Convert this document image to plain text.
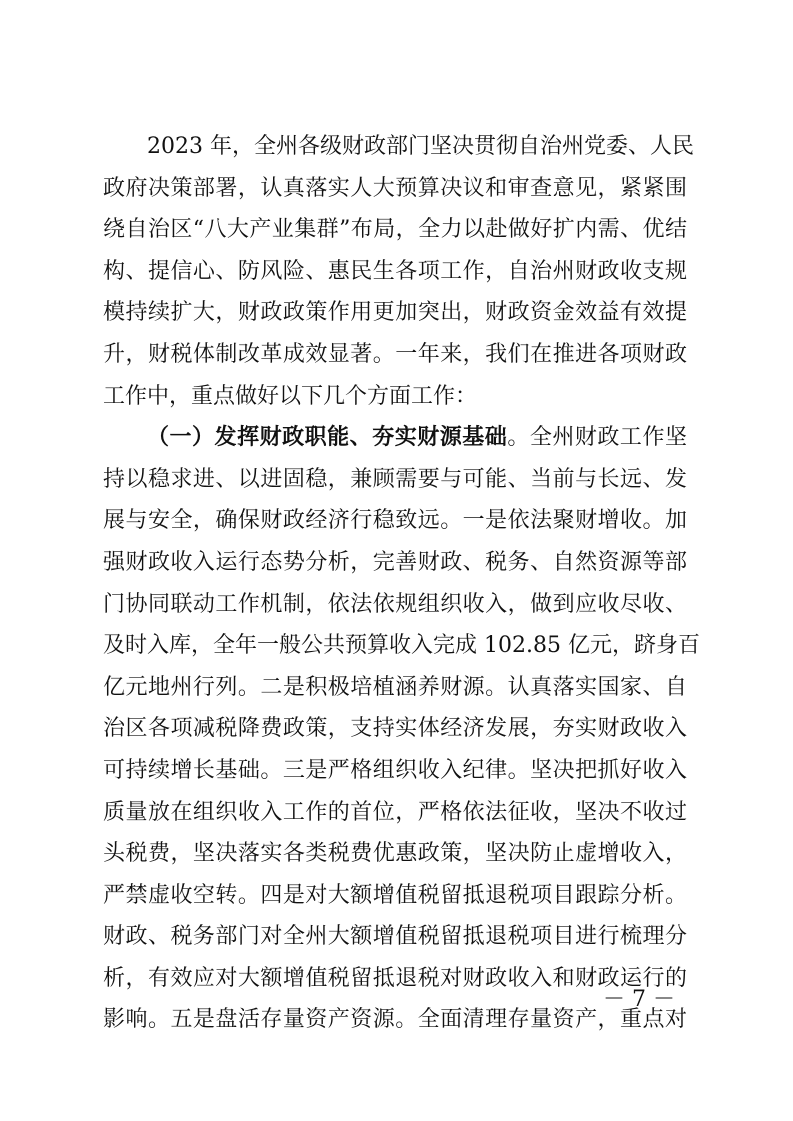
2023 年，全州各级财政部门坚决贯彻自治州党委、人民
政府决策部署，认真落实人大预算决议和审查意见，紧紧围
绕自治区“八大产业集群”布局，全力以赴做好扩内需、优结
构、提信心、防风险、惠民生各项工作，自治州财政收支规
模持续扩大，财政政策作用更加突出，财政资金效益有效提
升，财税体制改革成效显著。一年来，我们在推进各项财政
工作中，重点做好以下几个方面工作：
（一）发挥财政职能、夯实财源基础。全州财政工作坚
持以稳求进、以进固稳，兼顾需要与可能、当前与长远、发
展与安全，确保财政经济行稳致远。一是依法聚财增收。加
强财政收入运行态势分析，完善财政、税务、自然资源等部
门协同联动工作机制，依法依规组织收入，做到应收尽收、
及时入库，全年一般公共预算收入完成 102.85 亿元，跻身百
亿元地州行列。二是积极培植涵养财源。认真落实国家、自
治区各项减税降费政策，支持实体经济发展，夯实财政收入
可持续增长基础。三是严格组织收入纪律。坚决把抓好收入
质量放在组织收入工作的首位，严格依法征收，坚决不收过
头税费，坚决落实各类税费优惠政策，坚决防止虚增收入，
严禁虚收空转。四是对大额增值税留抵退税项目跟踪分析。
财政、税务部门对全州大额增值税留抵退税项目进行梳理分
析，有效应对大额增值税留抵退税对财政收入和财政运行的
影响。五是盘活存量资产资源。全面清理存量资产，重点对
－ 7 －
